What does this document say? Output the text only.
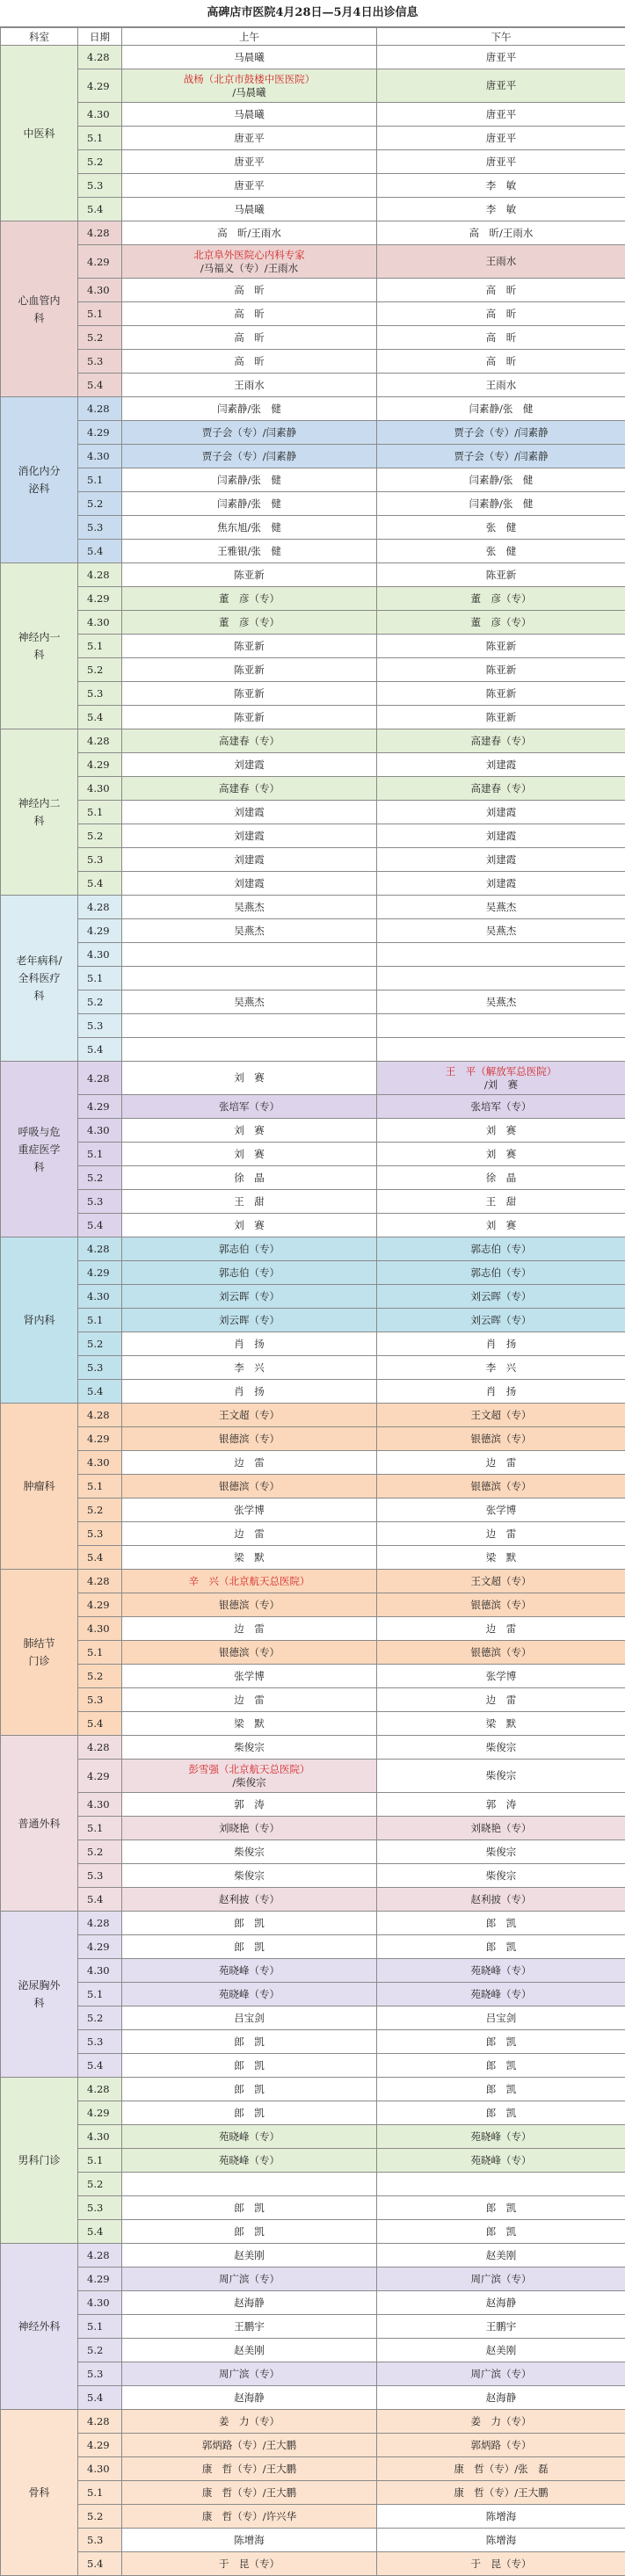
高碑店市医院4月28日—5月4日出诊信息
科室	日期	上午	下午
中医科	4.28	马晨曦	唐亚平
	4.29	战杨（北京市鼓楼中医医院）
/马晨曦	唐亚平
	4.30	马晨曦	唐亚平
	5.1	唐亚平	唐亚平
	5.2	唐亚平	唐亚平
	5.3	唐亚平	李　敏
	5.4	马晨曦	李　敏
心血管内
科	4.28	高　昕/王雨水	高　昕/王雨水
	4.29	北京阜外医院心内科专家
/马福义（专）/王雨水	王雨水
	4.30	高　昕	高　昕
	5.1	高　昕	高　昕
	5.2	高　昕	高　昕
	5.3	高　昕	高　昕
	5.4	王雨水	王雨水
消化内分
泌科	4.28	闫素静/张　健	闫素静/张　健
	4.29	贾子会（专）/闫素静	贾子会（专）/闫素静
	4.30	贾子会（专）/闫素静	贾子会（专）/闫素静
	5.1	闫素静/张　健	闫素静/张　健
	5.2	闫素静/张　健	闫素静/张　健
	5.3	焦东旭/张　健	张　健
	5.4	王雅银/张　健	张　健
神经内一
科	4.28	陈亚新	陈亚新
	4.29	董　彦（专）	董　彦（专）
	4.30	董　彦（专）	董　彦（专）
	5.1	陈亚新	陈亚新
	5.2	陈亚新	陈亚新
	5.3	陈亚新	陈亚新
	5.4	陈亚新	陈亚新
神经内二
科	4.28	高建春（专）	高建春（专）
	4.29	刘建霞	刘建霞
	4.30	高建春（专）	高建春（专）
	5.1	刘建霞	刘建霞
	5.2	刘建霞	刘建霞
	5.3	刘建霞	刘建霞
	5.4	刘建霞	刘建霞
老年病科/
全科医疗
科	4.28	吴燕杰	吴燕杰
	4.29	吴燕杰	吴燕杰
	4.30		
	5.1		
	5.2	吴燕杰	吴燕杰
	5.3		
	5.4		
呼吸与危
重症医学
科	4.28	刘　赛	王　平（解放军总医院）
/刘　赛
	4.29	张培军（专）	张培军（专）
	4.30	刘　赛	刘　赛
	5.1	刘　赛	刘　赛
	5.2	徐　晶	徐　晶
	5.3	王　甜	王　甜
	5.4	刘　赛	刘　赛
肾内科	4.28	郭志伯（专）	郭志伯（专）
	4.29	郭志伯（专）	郭志伯（专）
	4.30	刘云晖（专）	刘云晖（专）
	5.1	刘云晖（专）	刘云晖（专）
	5.2	肖　扬	肖　扬
	5.3	李　兴	李　兴
	5.4	肖　扬	肖　扬
肿瘤科	4.28	王文超（专）	王文超（专）
	4.29	银德滨（专）	银德滨（专）
	4.30	边　雷	边　雷
	5.1	银德滨（专）	银德滨（专）
	5.2	张学博	张学博
	5.3	边　雷	边　雷
	5.4	梁　默	梁　默
肺结节
门诊	4.28	辛　兴（北京航天总医院）	王文超（专）
	4.29	银德滨（专）	银德滨（专）
	4.30	边　雷	边　雷
	5.1	银德滨（专）	银德滨（专）
	5.2	张学博	张学博
	5.3	边　雷	边　雷
	5.4	梁　默	梁　默
普通外科	4.28	柴俊宗	柴俊宗
	4.29	彭雪强（北京航天总医院）
/柴俊宗	柴俊宗
	4.30	郭　涛	郭　涛
	5.1	刘晓艳（专）	刘晓艳（专）
	5.2	柴俊宗	柴俊宗
	5.3	柴俊宗	柴俊宗
	5.4	赵利披（专）	赵利披（专）
泌尿胸外
科	4.28	郎　凯	郎　凯
	4.29	郎　凯	郎　凯
	4.30	苑晓峰（专）	苑晓峰（专）
	5.1	苑晓峰（专）	苑晓峰（专）
	5.2	吕宝剑	吕宝剑
	5.3	郎　凯	郎　凯
	5.4	郎　凯	郎　凯
男科门诊	4.28	郎　凯	郎　凯
	4.29	郎　凯	郎　凯
	4.30	苑晓峰（专）	苑晓峰（专）
	5.1	苑晓峰（专）	苑晓峰（专）
	5.2		
	5.3	郎　凯	郎　凯
	5.4	郎　凯	郎　凯
神经外科	4.28	赵美刚	赵美刚
	4.29	周广滨（专）	周广滨（专）
	4.30	赵海静	赵海静
	5.1	王鹏宇	王鹏宇
	5.2	赵美刚	赵美刚
	5.3	周广滨（专）	周广滨（专）
	5.4	赵海静	赵海静
骨科	4.28	姜　力（专）	姜　力（专）
	4.29	郭炳路（专）/王大鹏	郭炳路（专）
	4.30	康　哲（专）/王大鹏	康　哲（专）/张　磊
	5.1	康　哲（专）/王大鹏	康　哲（专）/王大鹏
	5.2	康　哲（专）/许兴华	陈增海
	5.3	陈增海	陈增海
	5.4	于　昆（专）	于　昆（专）
